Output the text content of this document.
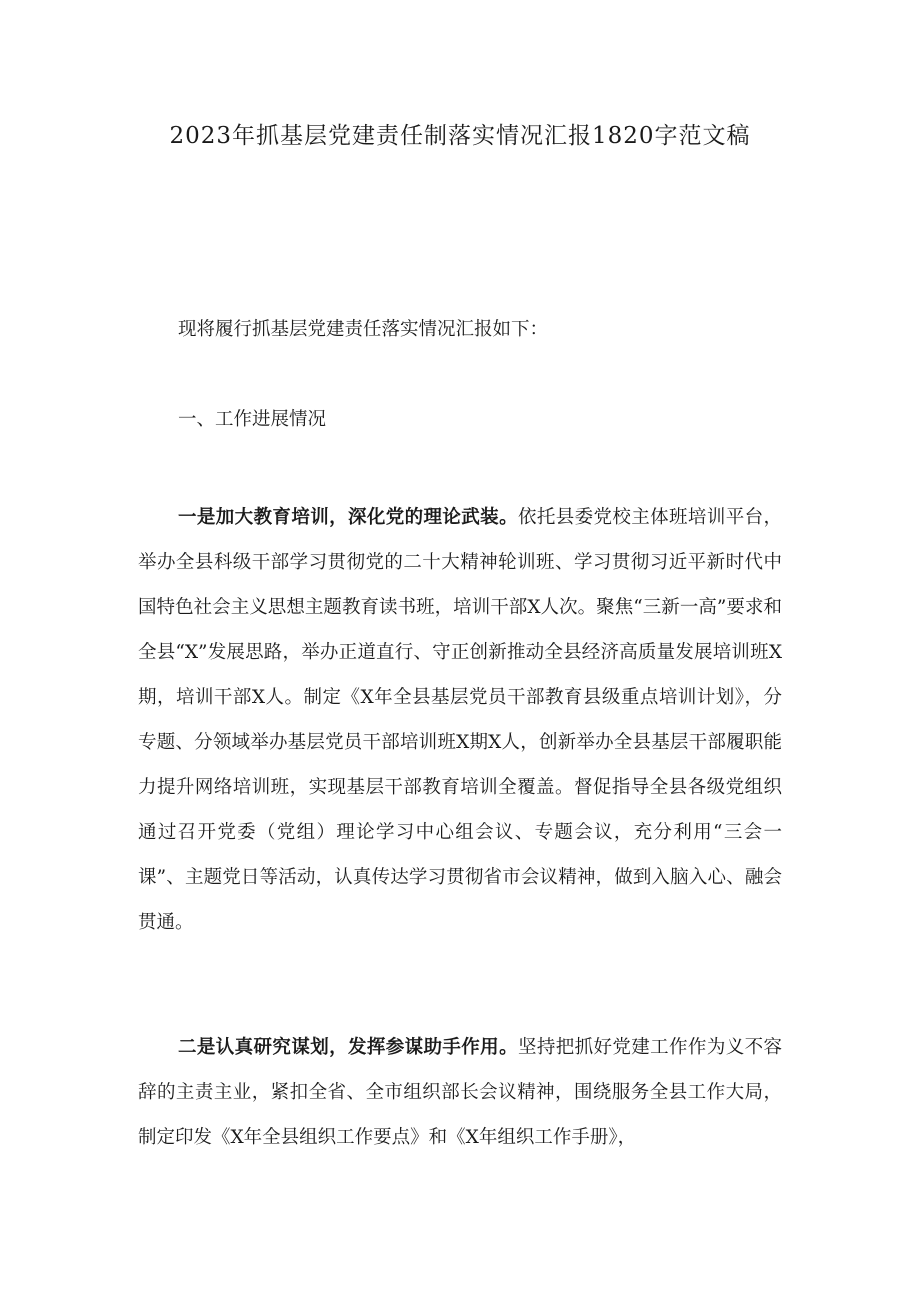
2023年抓基层党建责任制落实情况汇报1820字范文稿

现将履行抓基层党建责任落实情况汇报如下：

一、工作进展情况

一是加大教育培训，深化党的理论武装。依托县委党校主体班培训平台，举办全县科级干部学习贯彻党的二十大精神轮训班、学习贯彻习近平新时代中国特色社会主义思想主题教育读书班，培训干部X人次。聚焦“三新一高”要求和全县“X”发展思路，举办正道直行、守正创新推动全县经济高质量发展培训班X期，培训干部X人。制定《X年全县基层党员干部教育县级重点培训计划》，分专题、分领域举办基层党员干部培训班X期X人，创新举办全县基层干部履职能力提升网络培训班，实现基层干部教育培训全覆盖。督促指导全县各级党组织通过召开党委（党组）理论学习中心组会议、专题会议，充分利用“三会一课”、主题党日等活动，认真传达学习贯彻省市会议精神，做到入脑入心、融会贯通。

二是认真研究谋划，发挥参谋助手作用。坚持把抓好党建工作作为义不容辞的主责主业，紧扣全省、全市组织部长会议精神，围绕服务全县工作大局，制定印发《X年全县组织工作要点》和《X年组织工作手册》，
